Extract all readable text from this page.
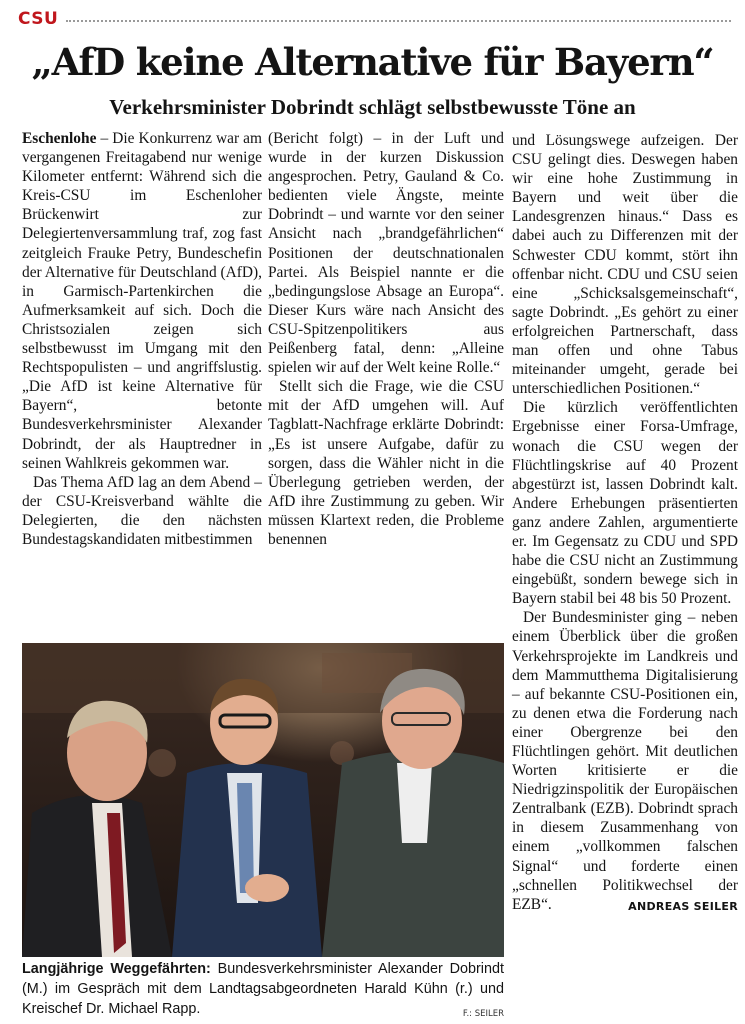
CSU
„AfD keine Alternative für Bayern“
Verkehrsminister Dobrindt schlägt selbstbewusste Töne an

Eschenlohe – Die Konkurrenz war am vergangenen Freitagabend nur wenige Kilometer entfernt: Während sich die Kreis-CSU im Eschenloher Brückenwirt zur Delegiertenversammlung traf, zog fast zeitgleich Frauke Petry, Bundeschefin der Alternative für Deutschland (AfD), in Garmisch-Partenkirchen die Aufmerksamkeit auf sich. Doch die Christsozialen zeigen sich selbstbewusst im Umgang mit den Rechtspopulisten – und angriffslustig. „Die AfD ist keine Alternative für Bayern“, betonte Bundesverkehrsminister Alexander Dobrindt, der als Hauptredner in seinen Wahlkreis gekommen war.

Das Thema AfD lag an dem Abend – der CSU-Kreisverband wählte die Delegierten, die den nächsten Bundestagskandidaten mitbestimmen

(Bericht folgt) – in der Luft und wurde in der kurzen Diskussion angesprochen. Petry, Gauland & Co. bedienten viele Ängste, meinte Dobrindt – und warnte vor den seiner Ansicht nach „brandgefährlichen“ Positionen der deutschnationalen Partei. Als Beispiel nannte er die „bedingungslose Absage an Europa“. Dieser Kurs wäre nach Ansicht des CSU-Spitzenpolitikers aus Peißenberg fatal, denn: „Alleine spielen wir auf der Welt keine Rolle.“

Stellt sich die Frage, wie die CSU mit der AfD umgehen will. Auf Tagblatt-Nachfrage erklärte Dobrindt: „Es ist unsere Aufgabe, dafür zu sorgen, dass die Wähler nicht in die Überlegung getrieben werden, der AfD ihre Zustimmung zu geben. Wir müssen Klartext reden, die Probleme benennen

und Lösungswege aufzeigen. Der CSU gelingt dies. Deswegen haben wir eine hohe Zustimmung in Bayern und weit über die Landesgrenzen hinaus.“ Dass es dabei auch zu Differenzen mit der Schwester CDU kommt, stört ihn offenbar nicht. CDU und CSU seien eine „Schicksalsgemeinschaft“, sagte Dobrindt. „Es gehört zu einer erfolgreichen Partnerschaft, dass man offen und ohne Tabus miteinander umgeht, gerade bei unterschiedlichen Positionen.“

Die kürzlich veröffentlichten Ergebnisse einer Forsa-Umfrage, wonach die CSU wegen der Flüchtlingskrise auf 40 Prozent abgestürzt ist, lassen Dobrindt kalt. Andere Erhebungen präsentierten ganz andere Zahlen, argumentierte er. Im Gegensatz zu CDU und SPD habe die CSU nicht an Zustimmung eingebüßt, sondern bewege sich in Bayern stabil bei 48 bis 50 Prozent.

Der Bundesminister ging – neben einem Überblick über die großen Verkehrsprojekte im Landkreis und dem Mammutthema Digitalisierung – auf bekannte CSU-Positionen ein, zu denen etwa die Forderung nach einer Obergrenze bei den Flüchtlingen gehört. Mit deutlichen Worten kritisierte er die Niedrigzinspolitik der Europäischen Zentralbank (EZB). Dobrindt sprach in diesem Zusammenhang von einem „vollkommen falschen Signal“ und forderte einen „schnellen Politikwechsel der EZB“.	ANDREAS SEILER

Langjährige Weggefährten: Bundesverkehrsminister Alexander Dobrindt (M.) im Gespräch mit dem Landtagsabgeordneten Harald Kühn (r.) und Kreischef Dr. Michael Rapp.	F.: SEILER
